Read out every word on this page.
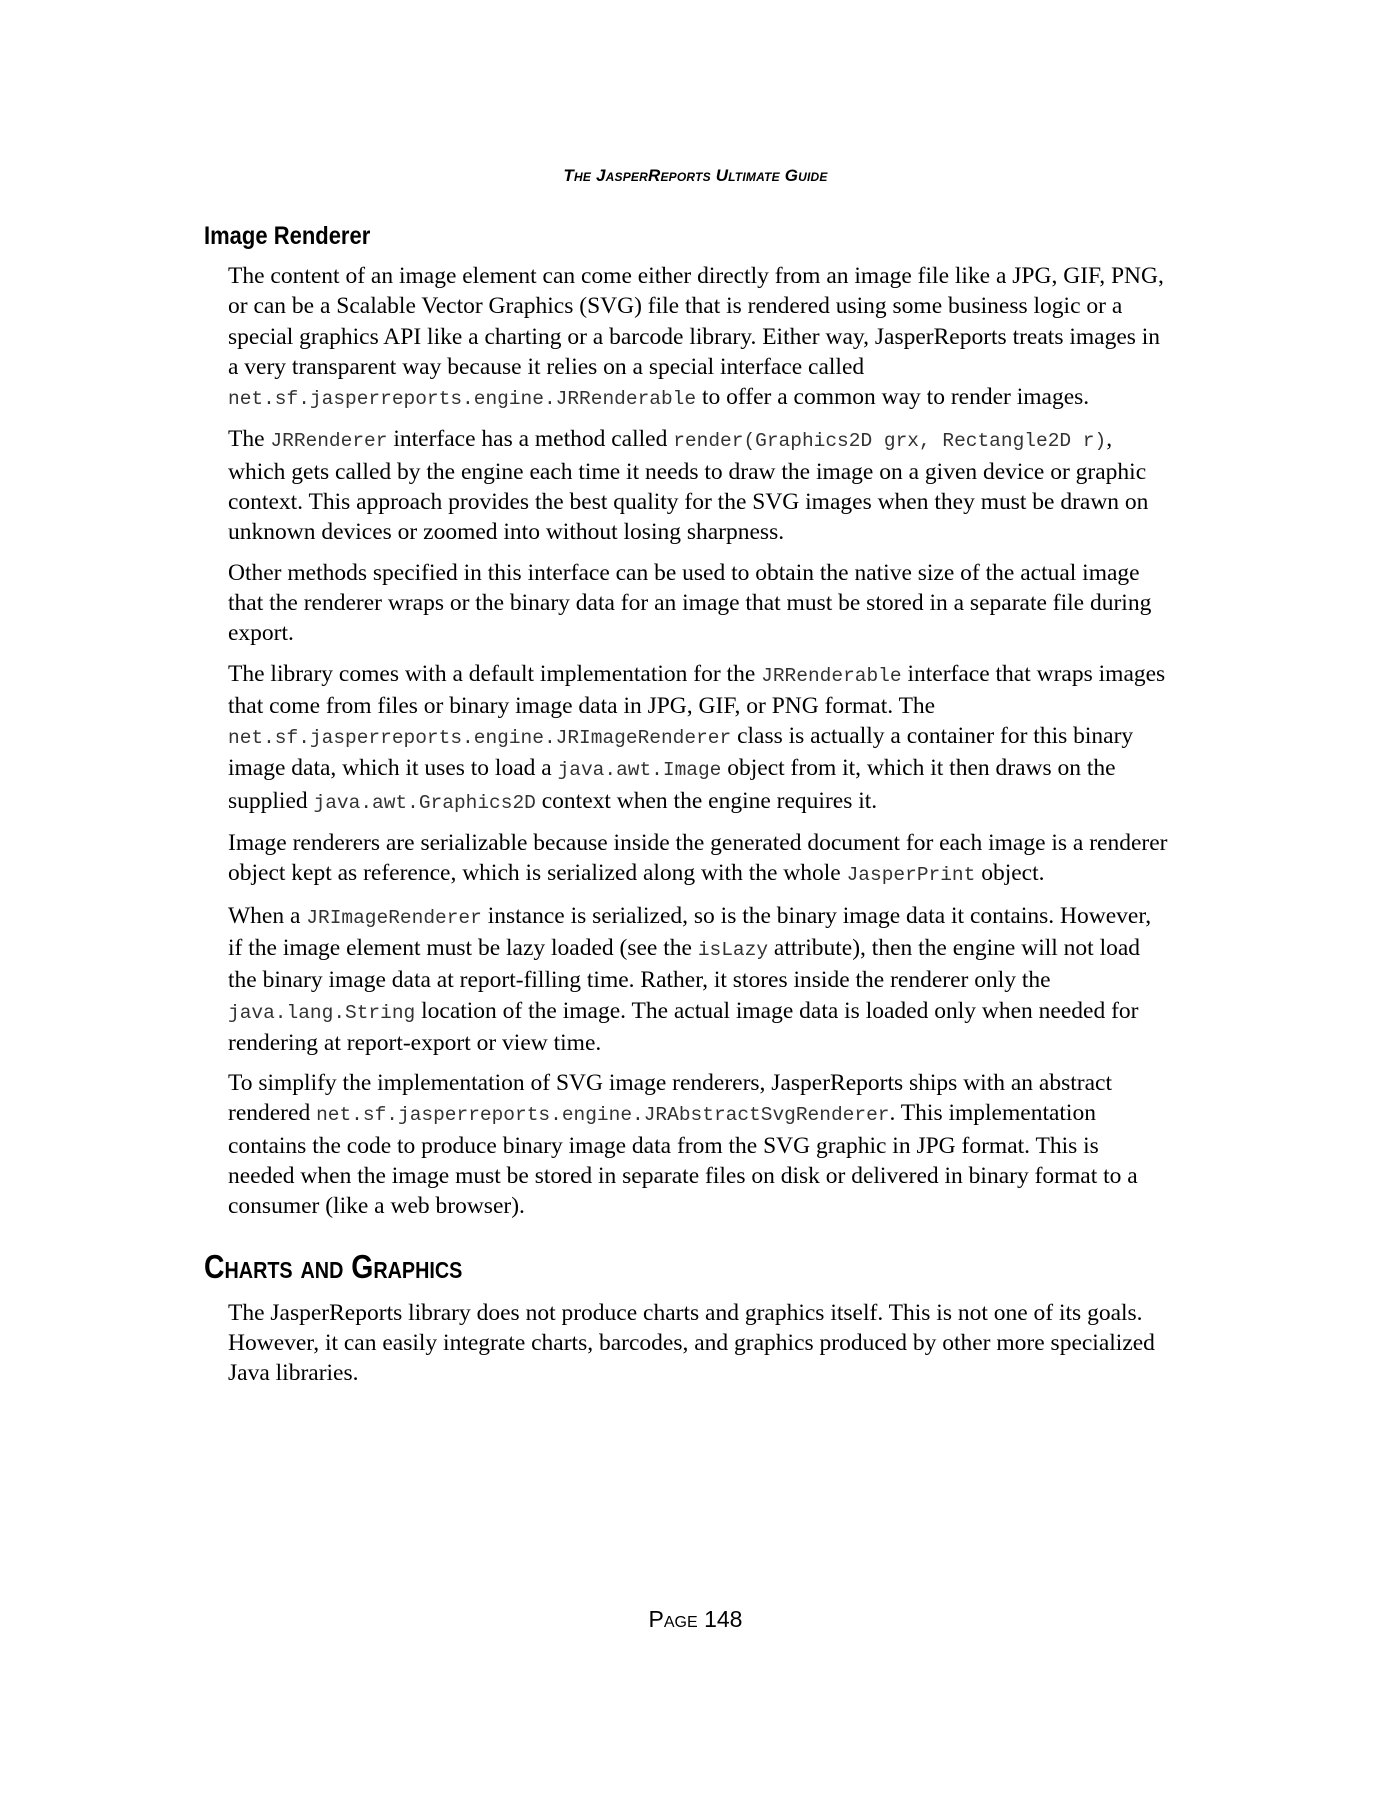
The JasperReports Ultimate Guide
Image Renderer

The content of an image element can come either directly from an image file like a JPG, GIF, PNG, or can be a Scalable Vector Graphics (SVG) file that is rendered using some business logic or a special graphics API like a charting or a barcode library. Either way, JasperReports treats images in a very transparent way because it relies on a special interface called net.sf.jasperreports.engine.JRRenderable to offer a common way to render images.

The JRRenderer interface has a method called render(Graphics2D grx, Rectangle2D r), which gets called by the engine each time it needs to draw the image on a given device or graphic context. This approach provides the best quality for the SVG images when they must be drawn on unknown devices or zoomed into without losing sharpness.

Other methods specified in this interface can be used to obtain the native size of the actual image that the renderer wraps or the binary data for an image that must be stored in a separate file during export.

The library comes with a default implementation for the JRRenderable interface that wraps images that come from files or binary image data in JPG, GIF, or PNG format. The net.sf.jasperreports.engine.JRImageRenderer class is actually a container for this binary image data, which it uses to load a java.awt.Image object from it, which it then draws on the supplied java.awt.Graphics2D context when the engine requires it.

Image renderers are serializable because inside the generated document for each image is a renderer object kept as reference, which is serialized along with the whole JasperPrint object.

When a JRImageRenderer instance is serialized, so is the binary image data it contains. However, if the image element must be lazy loaded (see the isLazy attribute), then the engine will not load the binary image data at report-filling time. Rather, it stores inside the renderer only the java.lang.String location of the image. The actual image data is loaded only when needed for rendering at report-export or view time.

To simplify the implementation of SVG image renderers, JasperReports ships with an abstract rendered net.sf.jasperreports.engine.JRAbstractSvgRenderer. This implementation contains the code to produce binary image data from the SVG graphic in JPG format. This is needed when the image must be stored in separate files on disk or delivered in binary format to a consumer (like a web browser).

Charts and Graphics

The JasperReports library does not produce charts and graphics itself. This is not one of its goals. However, it can easily integrate charts, barcodes, and graphics produced by other more specialized Java libraries.

Page 148
